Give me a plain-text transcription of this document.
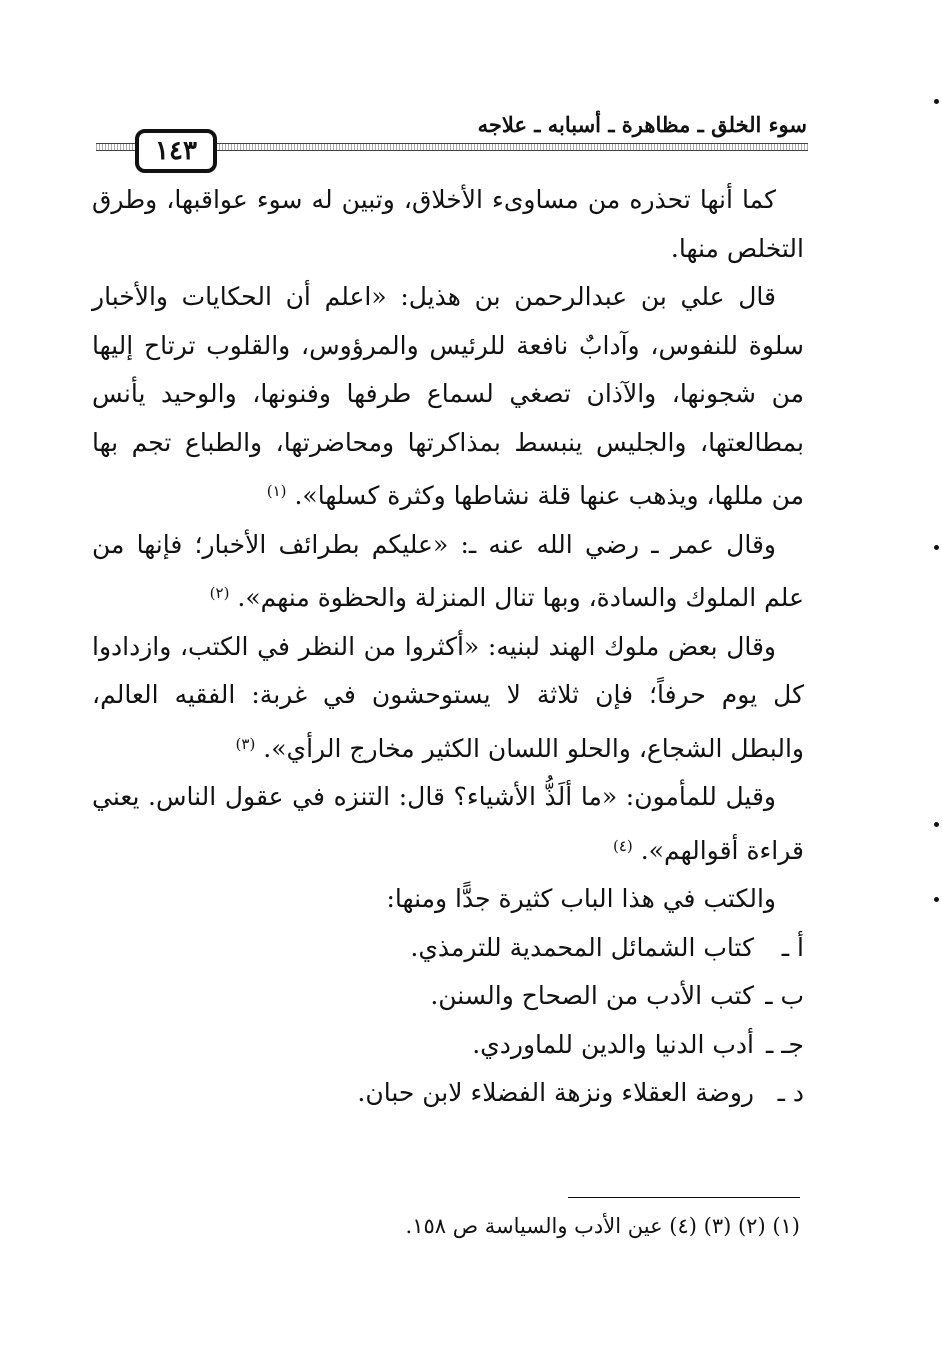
سوء الخلق ـ مظاهرة ـ أسبابه ـ علاجه
١٤٣

كما أنها تحذره من مساوىء الأخلاق، وتبين له سوء عواقبها، وطرق التخلص منها.

قال علي بن عبدالرحمن بن هذيل: «اعلم أن الحكايات والأخبار سلوة للنفوس، وآدابٌ نافعة للرئيس والمرؤوس، والقلوب ترتاح إليها من شجونها، والآذان تصغي لسماع طرفها وفنونها، والوحيد يأنس بمطالعتها، والجليس ينبسط بمذاكرتها ومحاضرتها، والطباع تجم بها من مللها، ويذهب عنها قلة نشاطها وكثرة كسلها». $^{(١)}$

وقال عمر ـ رضي الله عنه ـ: «عليكم بطرائف الأخبار؛ فإنها من علم الملوك والسادة، وبها تنال المنزلة والحظوة منهم». $^{(٢)}$

وقال بعض ملوك الهند لبنيه: «أكثروا من النظر في الكتب، وازدادوا كل يوم حرفاً؛ فإن ثلاثة لا يستوحشون في غربة: الفقيه العالم، والبطل الشجاع، والحلو اللسان الكثير مخارج الرأي». $^{(٣)}$

وقيل للمأمون: «ما ألَذُّ الأشياء؟ قال: التنزه في عقول الناس. يعني قراءة أقوالهم». $^{(٤)}$

والكتب في هذا الباب كثيرة جدًّا ومنها:

أ ـكتاب الشمائل المحمدية للترمذي.
ب ـكتب الأدب من الصحاح والسنن.
جـ ـأدب الدنيا والدين للماوردي.
د ـروضة العقلاء ونزهة الفضلاء لابن حبان.
(١) (٢) (٣) (٤) عين الأدب والسياسة ص ١٥٨.
